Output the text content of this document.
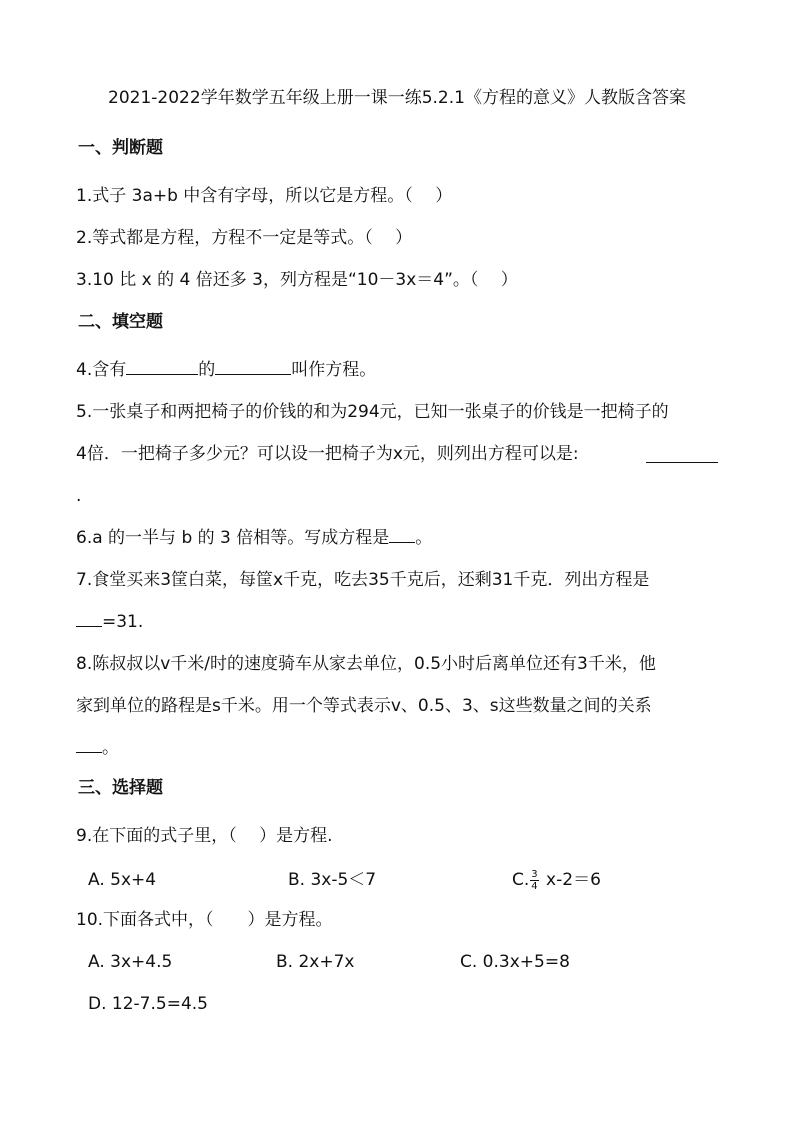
2021-2022学年数学五年级上册一课一练5.2.1《方程的意义》人教版含答案
一、判断题
1.式子 3a+b 中含有字母，所以它是方程。（　 ）
2.等式都是方程，方程不一定是等式。（　 ）
3.10 比 x 的 4 倍还多 3，列方程是“10－3x＝4”。（　 ）
二、填空题
4.含有	的	叫作方程。
5.一张桌子和两把椅子的价钱的和为294元，已知一张桌子的价钱是一把椅子的
4倍．一把椅子多少元？可以设一把椅子为x元，则列出方程可以是:
.
6.a 的一半与 b 的 3 倍相等。写成方程是 。
7.食堂买来3筐白菜，每筐x千克，吃去35千克后，还剩31千克．列出方程是
=31.
8.陈叔叔以v千米/时的速度骑车从家去单位，0.5小时后离单位还有3千米，他
家到单位的路程是s千米。用一个等式表示v、0.5、3、s这些数量之间的关系
。
三、选择题
9.在下面的式子里，（　 ）是方程.
A. 5x+4	B. 3x-5＜7	C. $\frac{3}{4} x-2=6$
10.下面各式中，（　　）是方程。
A. 3x+4.5	B. 2x+7x	C. 0.3x+5=8
D. 12-7.5=4.5
